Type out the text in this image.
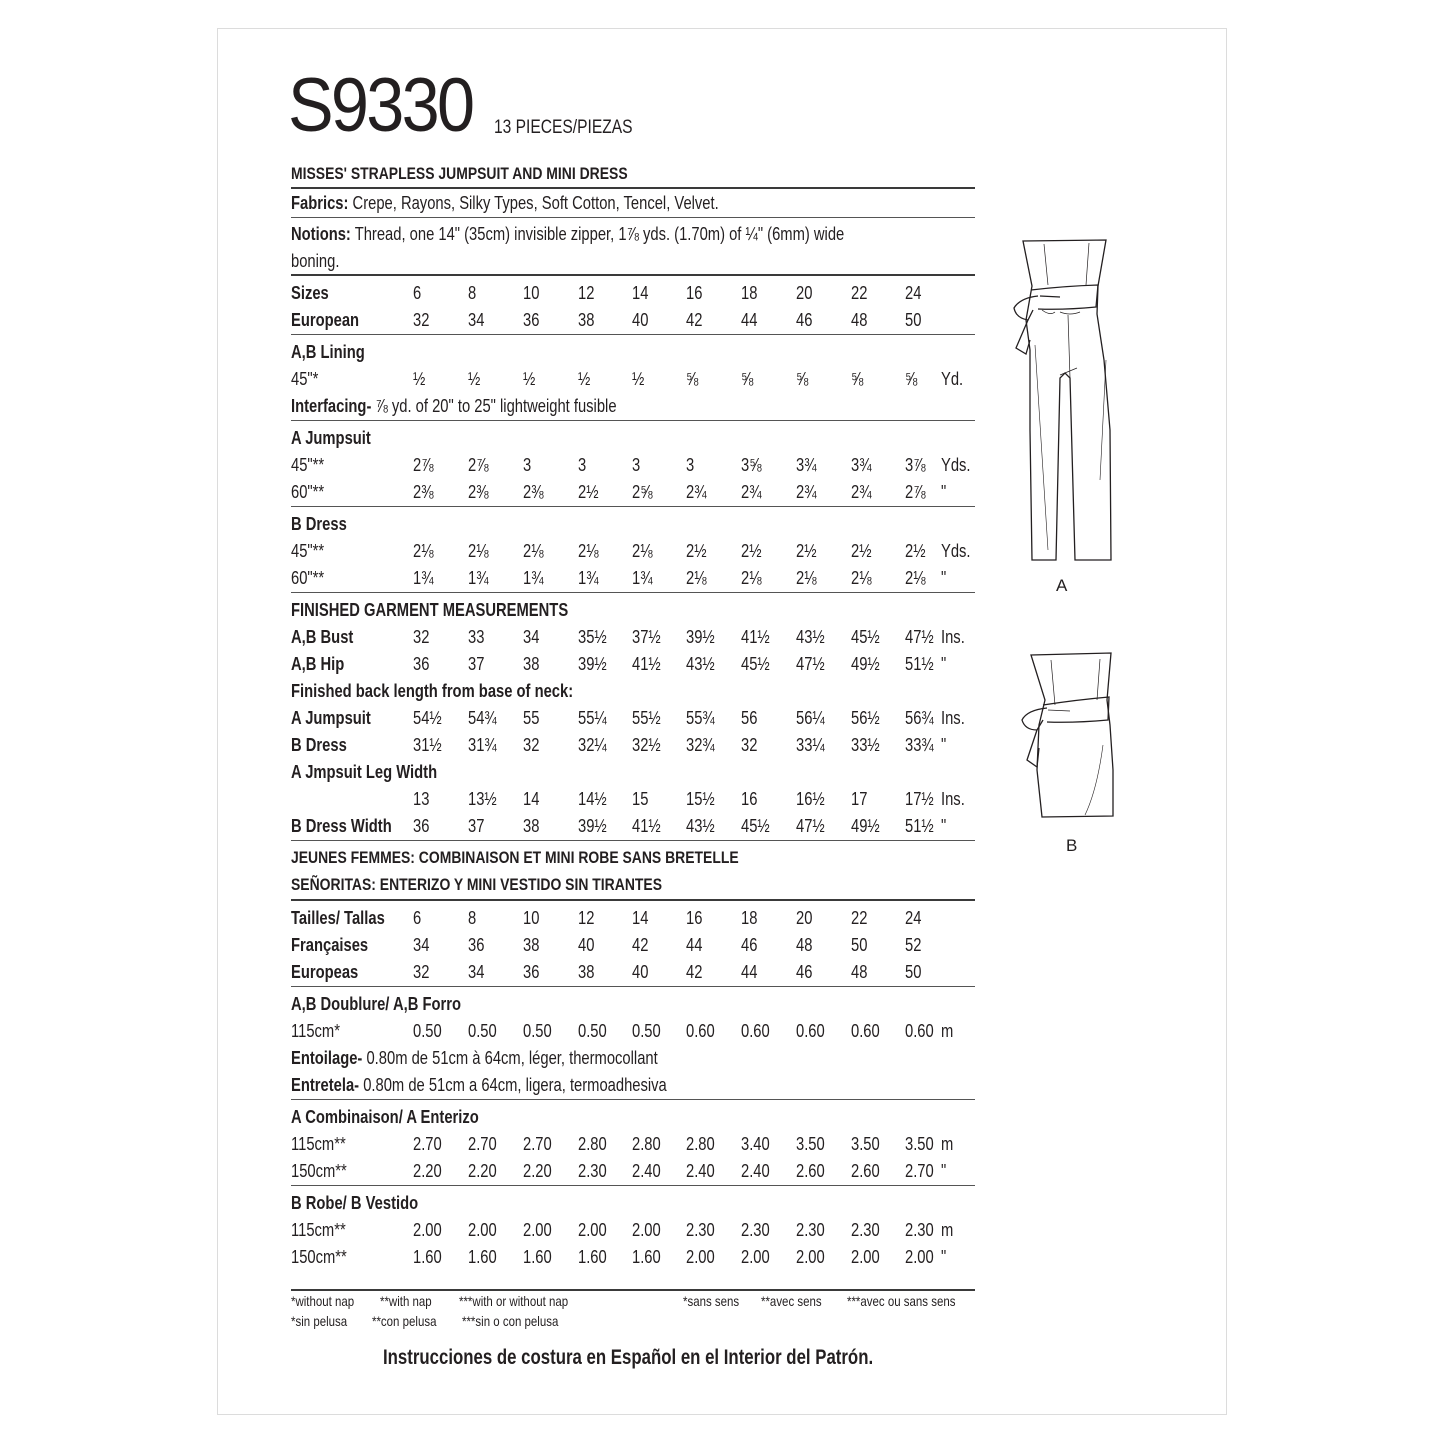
S9330 13 PIECES/PIEZAS
MISSES' STRAPLESS JUMPSUIT AND MINI DRESS
Fabrics: Crepe, Rayons, Silky Types, Soft Cotton, Tencel, Velvet.
Notions: Thread, one 14" (35cm) invisible zipper, 1⅞ yds. (1.70m) of ¼" (6mm) wide
boning.
Sizes	6	8	10	12	14	16	18	20	22	24
European	32	34	36	38	40	42	44	46	48	50
A,B Lining
45"*	½	½	½	½	½	⅝	⅝	⅝	⅝	⅝	Yd.
Interfacing- ⅞ yd. of 20" to 25" lightweight fusible
A Jumpsuit
45"**	2⅞	2⅞	3	3	3	3	3⅝	3¾	3¾	3⅞ Yds.
60"**	2⅜	2⅜	2⅜	2½	2⅝	2¾	2¾	2¾	2¾	2⅞ "
B Dress
45"**	2⅛	2⅛	2⅛	2⅛	2⅛	2½	2½	2½	2½	2½ Yds.
60"**	1¾	1¾	1¾	1¾	1¾	2⅛	2⅛	2⅛	2⅛	2⅛ "
FINISHED GARMENT MEASUREMENTS
A,B Bust	32	33	34	35½	37½	39½	41½	43½	45½	47½ Ins.
A,B Hip	36	37	38	39½	41½	43½	45½	47½	49½	51½ "
Finished back length from base of neck:
A Jumpsuit 54½	54¾	55	55¼	55½	55¾	56	56¼	56½	56¾ Ins.
B Dress	31½	31¾	32	32¼	32½	32¾	32	33¼	33½	33¾ "
A Jmpsuit Leg Width
13	13½	14	14½	15	15½	16	16½	17	17½ Ins.
B Dress Width 36	37	38	39½	41½	43½	45½	47½	49½	51½ "
JEUNES FEMMES: COMBINAISON ET MINI ROBE SANS BRETELLE
SEÑORITAS: ENTERIZO Y MINI VESTIDO SIN TIRANTES
Tailles/ Tallas 6	8	10	12	14	16	18	20	22	24
Françaises 34	36	38	40	42	44	46	48	50	52
Europeas	32	34	36	38	40	42	44	46	48	50
A,B Doublure/ A,B Forro
115cm*	0.50	0.50	0.50	0.50	0.50	0.60	0.60	0.60	0.60	0.60 m
Entoilage- 0.80m de 51cm à 64cm, léger, thermocollant
Entretela- 0.80m de 51cm a 64cm, ligera, termoadhesiva
A Combinaison/ A Enterizo
115cm**	2.70	2.70	2.70	2.80	2.80	2.80	3.40	3.50	3.50	3.50 m
150cm**	2.20	2.20	2.20	2.30	2.40	2.40	2.40	2.60	2.60	2.70 "
B Robe/ B Vestido
115cm**	2.00	2.00	2.00	2.00	2.00	2.30	2.30	2.30	2.30	2.30 m
150cm**	1.60	1.60	1.60	1.60	1.60	2.00	2.00	2.00	2.00	2.00 "
*without nap **with nap ***with or without nap	*sans sens **avec sens ***avec ou sans sens
*sin pelusa **con pelusa ***sin o con pelusa
Instrucciones de costura en Español en el Interior del Patrón.
A
B
